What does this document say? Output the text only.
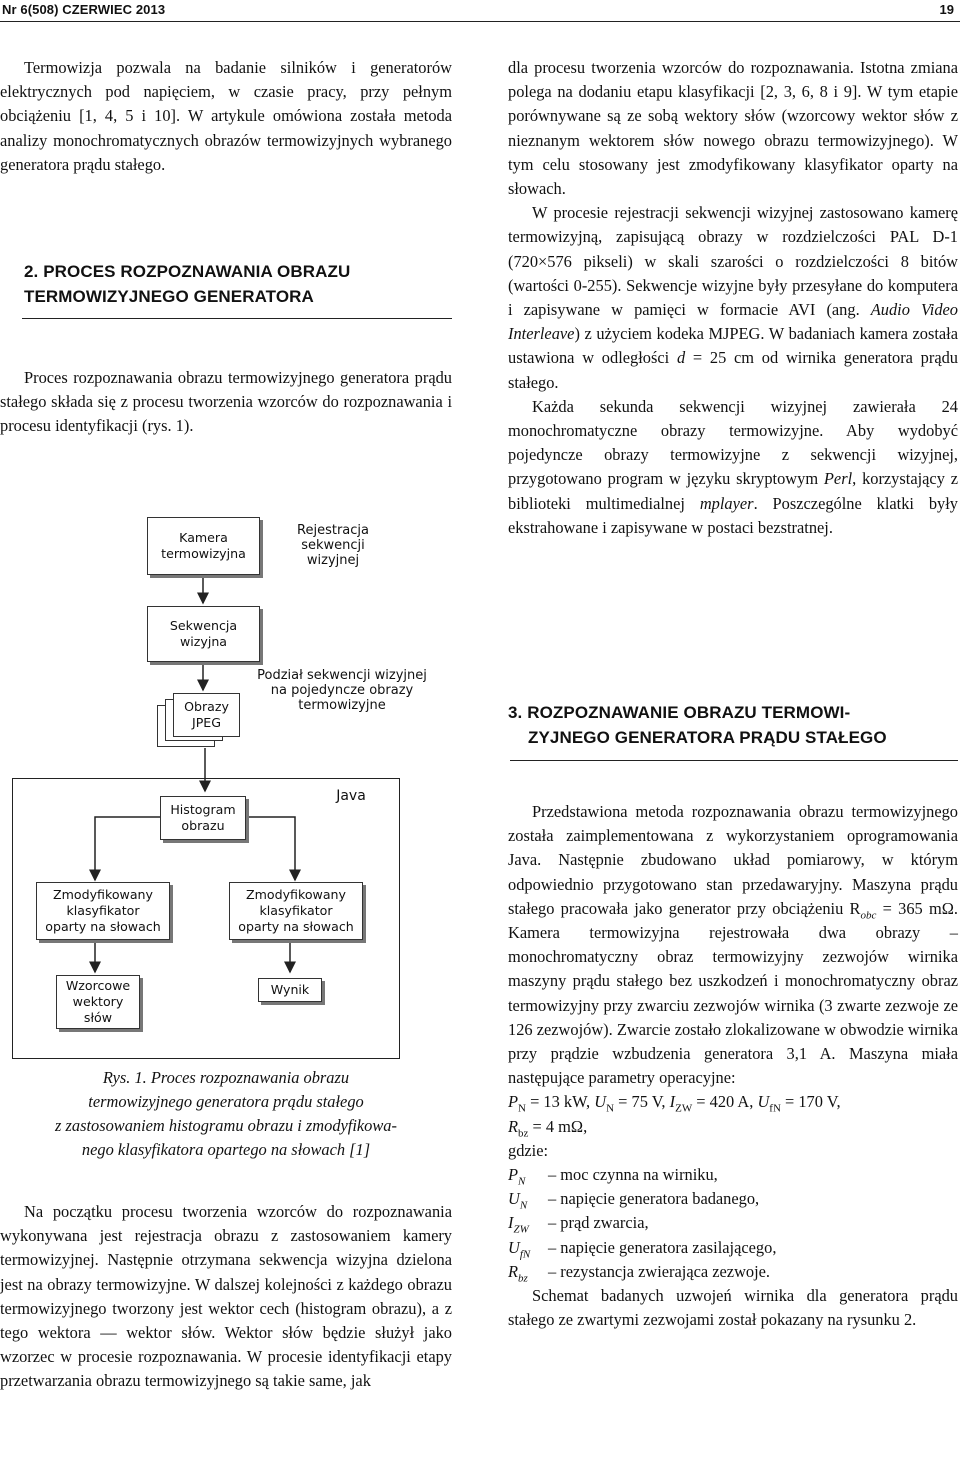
Nr 6(508) CZERWIEC 2013	19

Termowizja pozwala na badanie silników i generatorów elektrycznych pod napięciem, w czasie pracy, przy pełnym obciążeniu [1, 4, 5 i 10]. W artykule omówiona została metoda analizy monochromatycznych obrazów termowizyjnych wybranego generatora prądu stałego.

2. PROCES ROZPOZNAWANIA OBRAZU
TERMOWIZYJNEGO GENERATORA

Proces rozpoznawania obrazu termowizyjnego generatora prądu stałego składa się z procesu tworzenia wzorców do rozpoznawania i procesu identyfikacji (rys. 1).

Kamera
termowizyjna
Rejestracja
sekwencji
wizyjnej
Sekwencja
wizyjna
Podział sekwencji wizyjnej
na pojedyncze obrazy
termowizyjne
Obrazy
JPEG
Java
Histogram
obrazu
Zmodyfikowany
klasyfikator
oparty na słowach
Zmodyfikowany
klasyfikator
oparty na słowach
Wzorcowe
wektory
słów
Wynik
Rys. 1. Proces rozpoznawania obrazu
termowizyjnego generatora prądu stałego
z zastosowaniem histogramu obrazu i zmodyfikowa-
nego klasyfikatora opartego na słowach [1]

Na początku procesu tworzenia wzorców do rozpoznawania wykonywana jest rejestracja obrazu z zastosowaniem kamery termowizyjnej. Następnie otrzymana sekwencja wizyjna dzielona jest na obrazy termowizyjne. W dalszej kolejności z każdego obrazu termowizyjnego tworzony jest wektor cech (histogram obrazu), a z tego wektora — wektor słów. Wektor słów będzie służył jako wzorzec w procesie rozpoznawania. W procesie identyfikacji etapy przetwarzania obrazu termowizyjnego są takie same, jak

dla procesu tworzenia wzorców do rozpoznawania. Istotna zmiana polega na dodaniu etapu klasyfikacji [2, 3, 6, 8 i 9]. W tym etapie porównywane są ze sobą wektory słów (wzorcowy wektor słów z nieznanym wektorem słów nowego obrazu termowizyjnego). W tym celu stosowany jest zmodyfikowany klasyfikator oparty na słowach.

W procesie rejestracji sekwencji wizyjnej zastosowano kamerę termowizyjną, zapisującą obrazy w rozdzielczości PAL D-1 (720×576 pikseli) w skali szarości o rozdzielczości 8 bitów (wartości 0-255). Sekwencje wizyjne były przesyłane do komputera i zapisywane w pamięci w formacie AVI (ang. Audio Video Interleave) z użyciem kodeka MJPEG. W badaniach kamera została ustawiona w odległości d = 25 cm od wirnika generatora prądu stałego.

Każda sekunda sekwencji wizyjnej zawierała 24 monochromatyczne obrazy termowizyjne. Aby wydobyć pojedyncze obrazy termowizyjne z sekwencji wizyjnej, przygotowano program w języku skryptowym Perl, korzystający z biblioteki multimedialnej mplayer. Poszczególne klatki były ekstrahowane i zapisywane w postaci bezstratnej.

3. ROZPOZNAWANIE OBRAZU TERMOWI-
ZYJNEGO GENERATORA PRĄDU STAŁEGO

Przedstawiona metoda rozpoznawania obrazu termowizyjnego została zaimplementowana z wykorzystaniem oprogramowania Java. Następnie zbudowano układ pomiarowy, w którym odpowiednio przygotowano stan przedawaryjny. Maszyna prądu stałego pracowała jako generator przy obciążeniu $R_{obc} = 365$ mΩ. Kamera termowizyjna rejestrowała dwa obrazy – monochromatyczny obraz termowizyjny zezwojów wirnika maszyny prądu stałego bez uszkodzeń i monochromatyczny obraz termowizyjny przy zwarciu zezwojów wirnika (3 zwarte zezwoje ze 126 zezwojów). Zwarcie zostało zlokalizowane w obwodzie wirnika przy prądzie wzbudzenia generatora 3,1 A. Maszyna miała następujące parametry operacyjne:

$P_N = 13$ kW, $U_N = 75$ V, $I_{ZW} = 420$ A, $U_{fN} = 170$ V,

$R_{bz} = 4$ mΩ,

gdzie:

$P_N$	– moc czynna na wirniku,
$U_N$	– napięcie generatora badanego,
$I_{ZW}$	– prąd zwarcia,
$U_{fN}$	– napięcie generatora zasilającego,
$R_{bz}$	– rezystancja zwierająca zezwoje.

Schemat badanych uzwojeń wirnika dla generatora prądu stałego ze zwartymi zezwojami został pokazany na rysunku 2.
